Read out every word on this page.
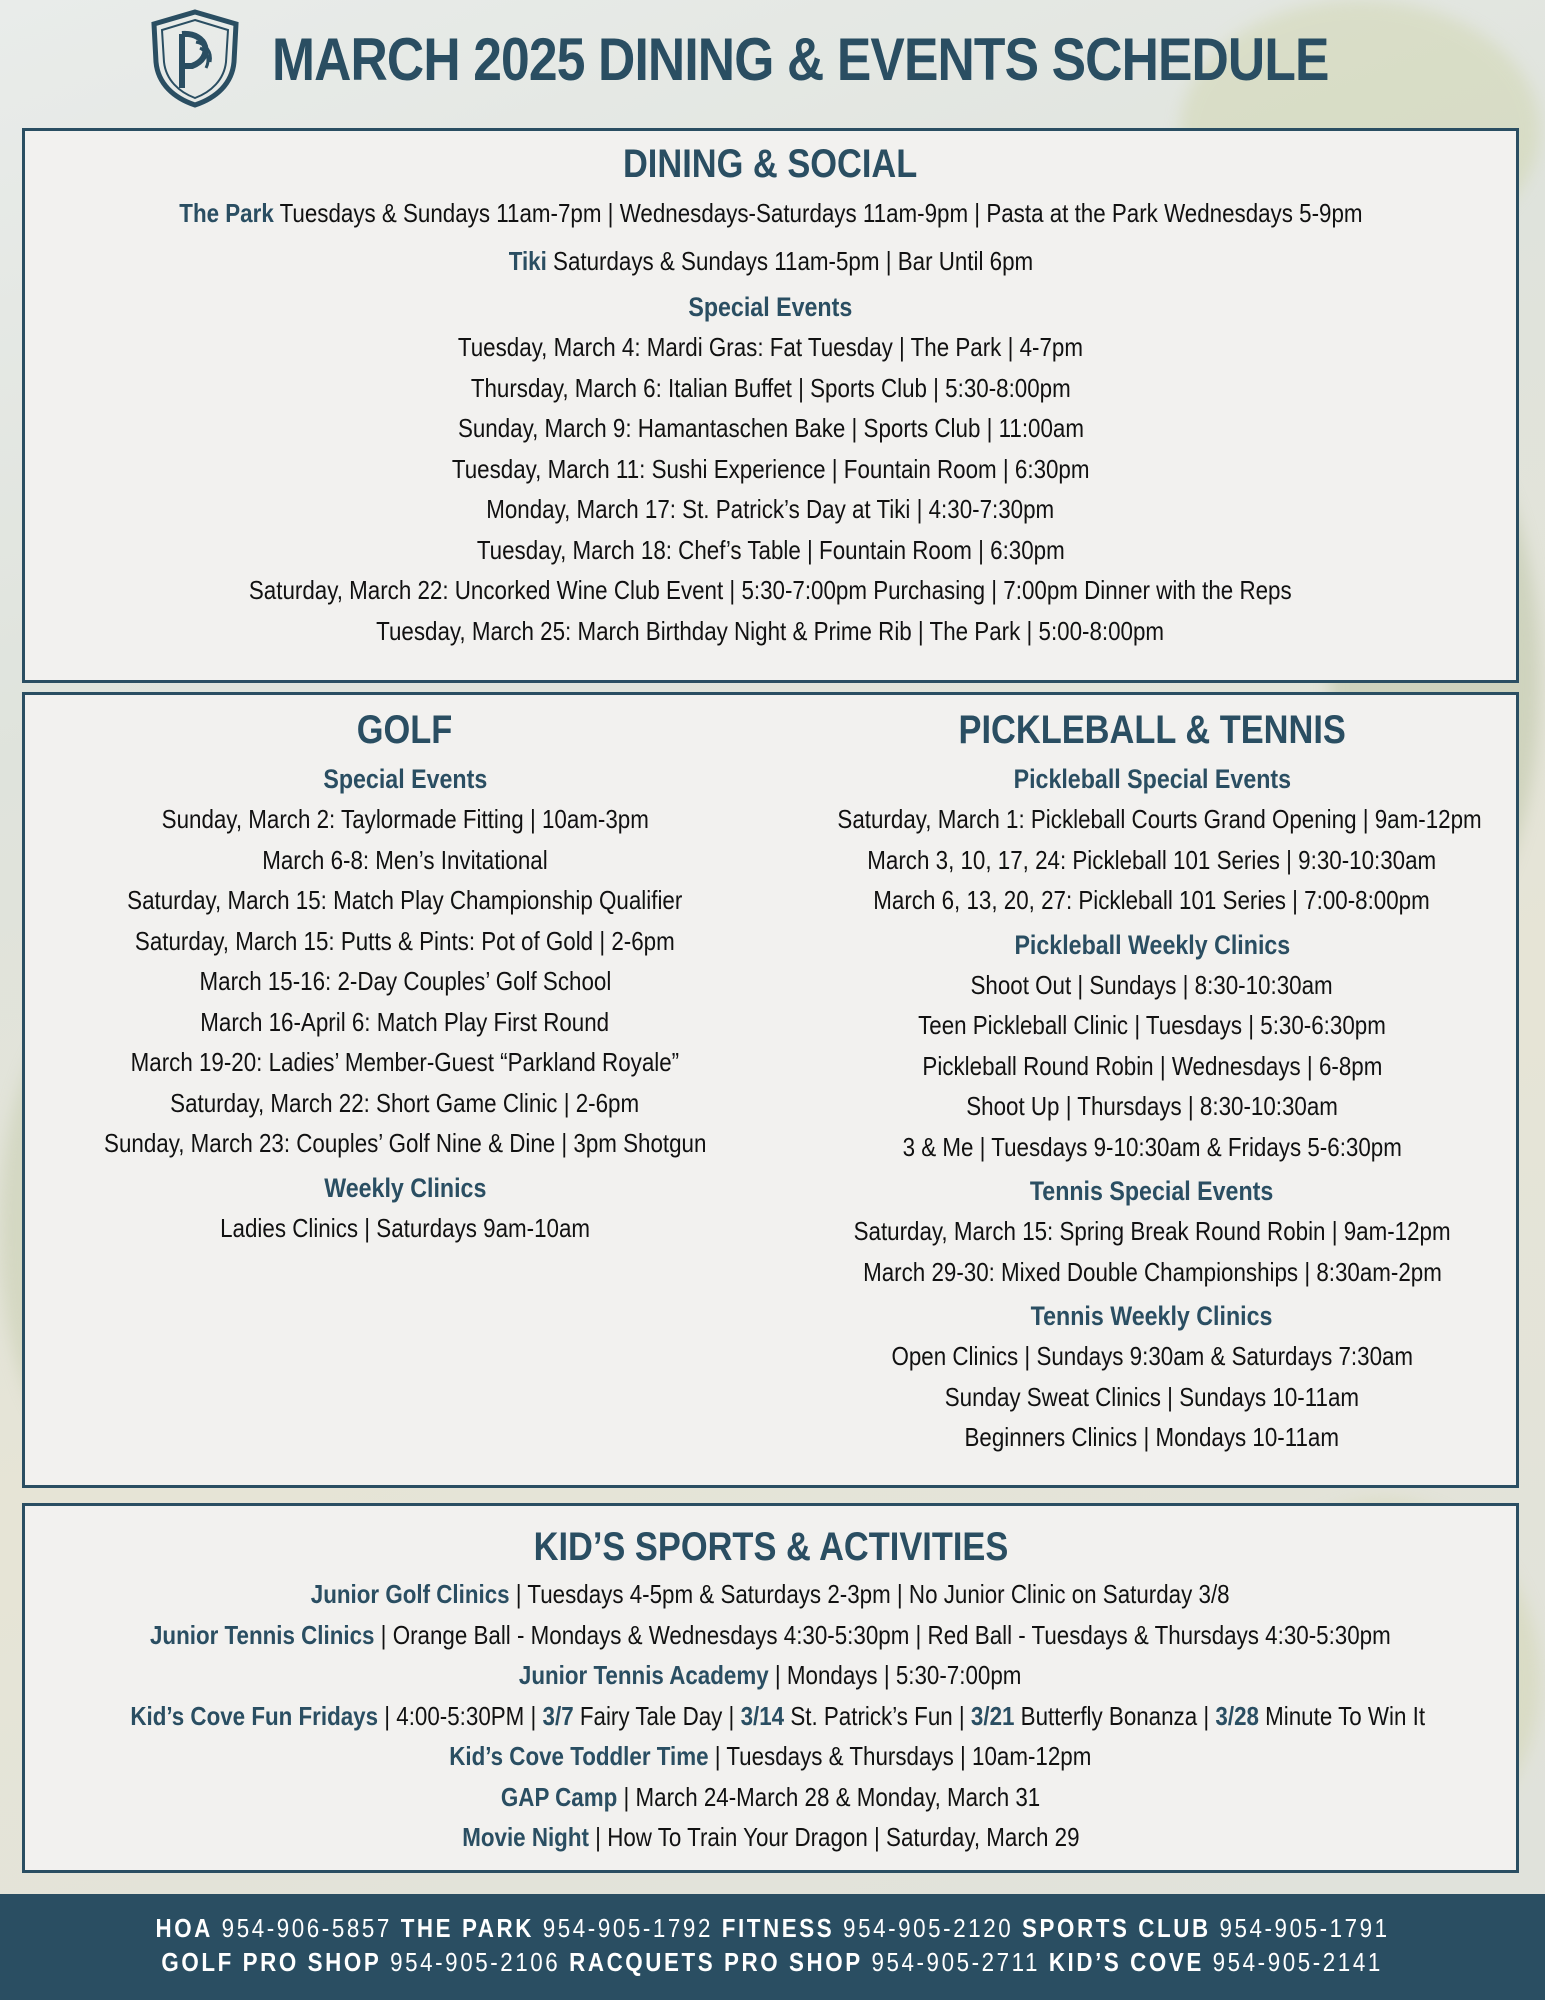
MARCH 2025 DINING & EVENTS SCHEDULE
DINING & SOCIAL
The Park Tuesdays & Sundays 11am-7pm | Wednesdays-Saturdays 11am-9pm | Pasta at the Park Wednesdays 5-9pm
Tiki Saturdays & Sundays 11am-5pm | Bar Until 6pm
Special Events
Tuesday, March 4: Mardi Gras: Fat Tuesday | The Park | 4-7pm
Thursday, March 6: Italian Buffet | Sports Club | 5:30-8:00pm
Sunday, March 9: Hamantaschen Bake | Sports Club | 11:00am
Tuesday, March 11: Sushi Experience | Fountain Room | 6:30pm
Monday, March 17: St. Patrick’s Day at Tiki | 4:30-7:30pm
Tuesday, March 18: Chef’s Table | Fountain Room | 6:30pm
Saturday, March 22: Uncorked Wine Club Event | 5:30-7:00pm Purchasing | 7:00pm Dinner with the Reps
Tuesday, March 25: March Birthday Night & Prime Rib | The Park | 5:00-8:00pm
GOLF
Special Events
Sunday, March 2: Taylormade Fitting | 10am-3pm
March 6-8: Men’s Invitational
Saturday, March 15: Match Play Championship Qualifier
Saturday, March 15: Putts & Pints: Pot of Gold | 2-6pm
March 15-16: 2-Day Couples’ Golf School
March 16-April 6: Match Play First Round
March 19-20: Ladies’ Member-Guest “Parkland Royale”
Saturday, March 22: Short Game Clinic | 2-6pm
Sunday, March 23: Couples’ Golf Nine & Dine | 3pm Shotgun
Weekly Clinics
Ladies Clinics | Saturdays 9am-10am
PICKLEBALL & TENNIS
Pickleball Special Events
Saturday, March 1: Pickleball Courts Grand Opening | 9am-12pm
March 3, 10, 17, 24: Pickleball 101 Series | 9:30-10:30am
March 6, 13, 20, 27: Pickleball 101 Series | 7:00-8:00pm
Pickleball Weekly Clinics
Shoot Out | Sundays | 8:30-10:30am
Teen Pickleball Clinic | Tuesdays | 5:30-6:30pm
Pickleball Round Robin | Wednesdays | 6-8pm
Shoot Up | Thursdays | 8:30-10:30am
3 & Me | Tuesdays 9-10:30am & Fridays 5-6:30pm
Tennis Special Events
Saturday, March 15: Spring Break Round Robin | 9am-12pm
March 29-30: Mixed Double Championships | 8:30am-2pm
Tennis Weekly Clinics
Open Clinics | Sundays 9:30am & Saturdays 7:30am
Sunday Sweat Clinics | Sundays 10-11am
Beginners Clinics | Mondays 10-11am
KID’S SPORTS & ACTIVITIES
Junior Golf Clinics | Tuesdays 4-5pm & Saturdays 2-3pm | No Junior Clinic on Saturday 3/8
Junior Tennis Clinics | Orange Ball - Mondays & Wednesdays 4:30-5:30pm | Red Ball - Tuesdays & Thursdays 4:30-5:30pm
Junior Tennis Academy | Mondays | 5:30-7:00pm
Kid’s Cove Fun Fridays | 4:00-5:30PM | 3/7 Fairy Tale Day | 3/14 St. Patrick’s Fun | 3/21 Butterfly Bonanza | 3/28 Minute To Win It
Kid’s Cove Toddler Time | Tuesdays & Thursdays | 10am-12pm
GAP Camp | March 24-March 28 & Monday, March 31
Movie Night | How To Train Your Dragon | Saturday, March 29
HOA 954-906-5857 THE PARK 954-905-1792 FITNESS 954-905-2120 SPORTS CLUB 954-905-1791
GOLF PRO SHOP 954-905-2106 RACQUETS PRO SHOP 954-905-2711 KID’S COVE 954-905-2141
